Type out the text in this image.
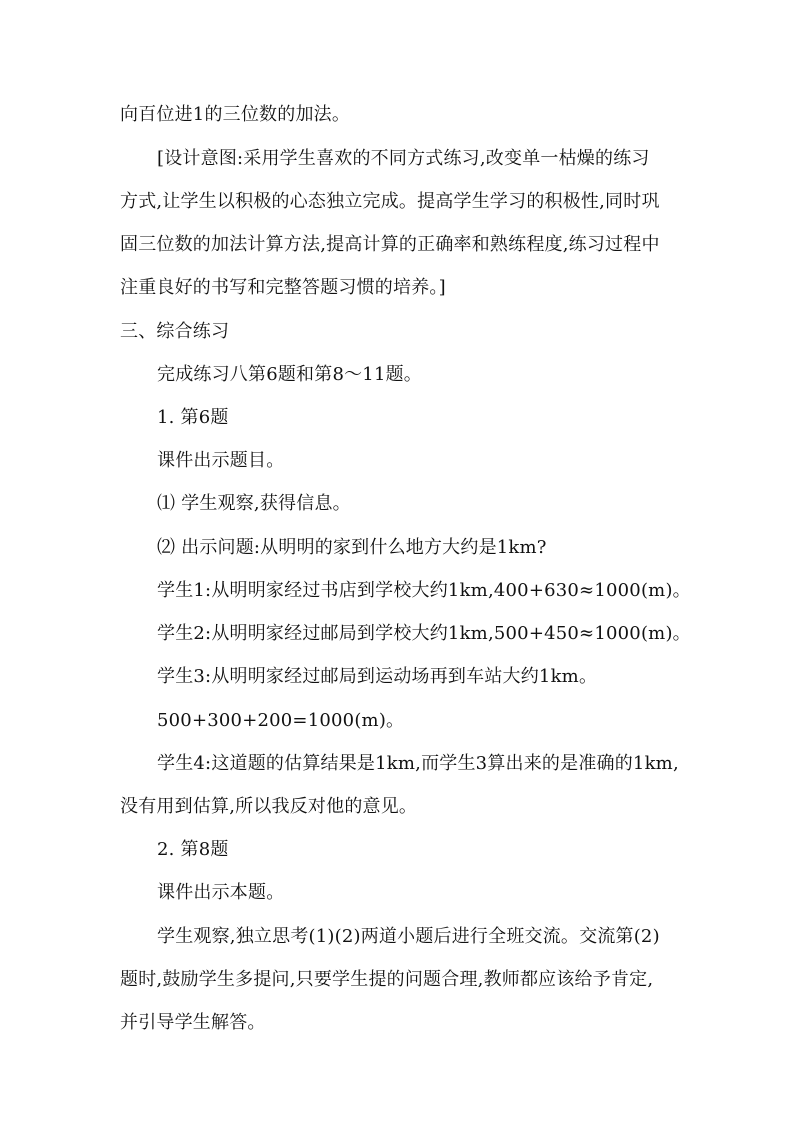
向百位进1的三位数的加法。
[设计意图:采用学生喜欢的不同方式练习,改变单一枯燥的练习
方式,让学生以积极的心态独立完成。提高学生学习的积极性,同时巩
固三位数的加法计算方法,提高计算的正确率和熟练程度,练习过程中
注重良好的书写和完整答题习惯的培养。]
三、综合练习
完成练习八第6题和第8～11题。
1. 第6题
课件出示题目。
⑴ 学生观察,获得信息。
⑵ 出示问题:从明明的家到什么地方大约是1km?
学生1:从明明家经过书店到学校大约1km,400+630≈1000(m)。
学生2:从明明家经过邮局到学校大约1km,500+450≈1000(m)。
学生3:从明明家经过邮局到运动场再到车站大约1km。
500+300+200=1000(m)。
学生4:这道题的估算结果是1km,而学生3算出来的是准确的1km,
没有用到估算,所以我反对他的意见。
2. 第8题
课件出示本题。
学生观察,独立思考(1)(2)两道小题后进行全班交流。交流第(2)
题时,鼓励学生多提问,只要学生提的问题合理,教师都应该给予肯定,
并引导学生解答。
